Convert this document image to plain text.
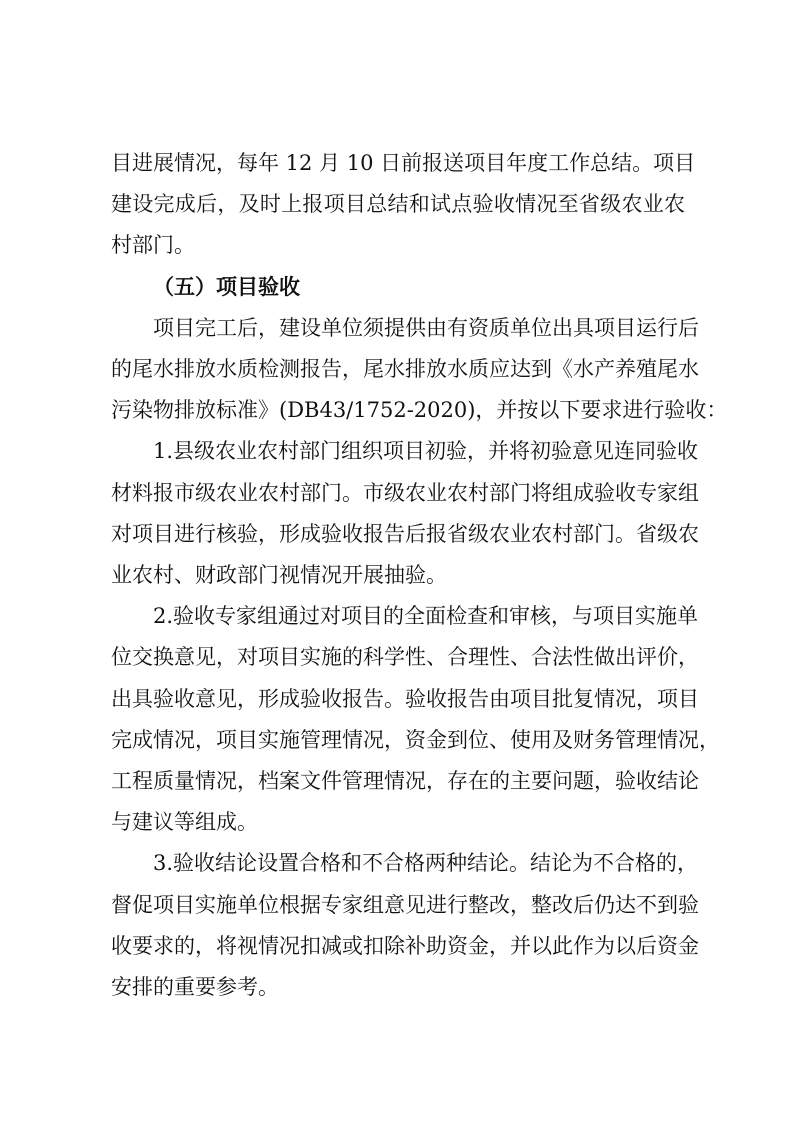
目进展情况，每年 12 月 10 日前报送项目年度工作总结。项目
建设完成后，及时上报项目总结和试点验收情况至省级农业农
村部门。
（五）项目验收
项目完工后，建设单位须提供由有资质单位出具项目运行后
的尾水排放水质检测报告，尾水排放水质应达到《水产养殖尾水
污染物排放标准》(DB43/1752-2020)，并按以下要求进行验收：
1.县级农业农村部门组织项目初验，并将初验意见连同验收
材料报市级农业农村部门。市级农业农村部门将组成验收专家组
对项目进行核验，形成验收报告后报省级农业农村部门。省级农
业农村、财政部门视情况开展抽验。
2.验收专家组通过对项目的全面检查和审核，与项目实施单
位交换意见，对项目实施的科学性、合理性、合法性做出评价，
出具验收意见，形成验收报告。验收报告由项目批复情况，项目
完成情况，项目实施管理情况，资金到位、使用及财务管理情况，
工程质量情况，档案文件管理情况，存在的主要问题，验收结论
与建议等组成。
3.验收结论设置合格和不合格两种结论。结论为不合格的，
督促项目实施单位根据专家组意见进行整改，整改后仍达不到验
收要求的，将视情况扣减或扣除补助资金，并以此作为以后资金
安排的重要参考。
